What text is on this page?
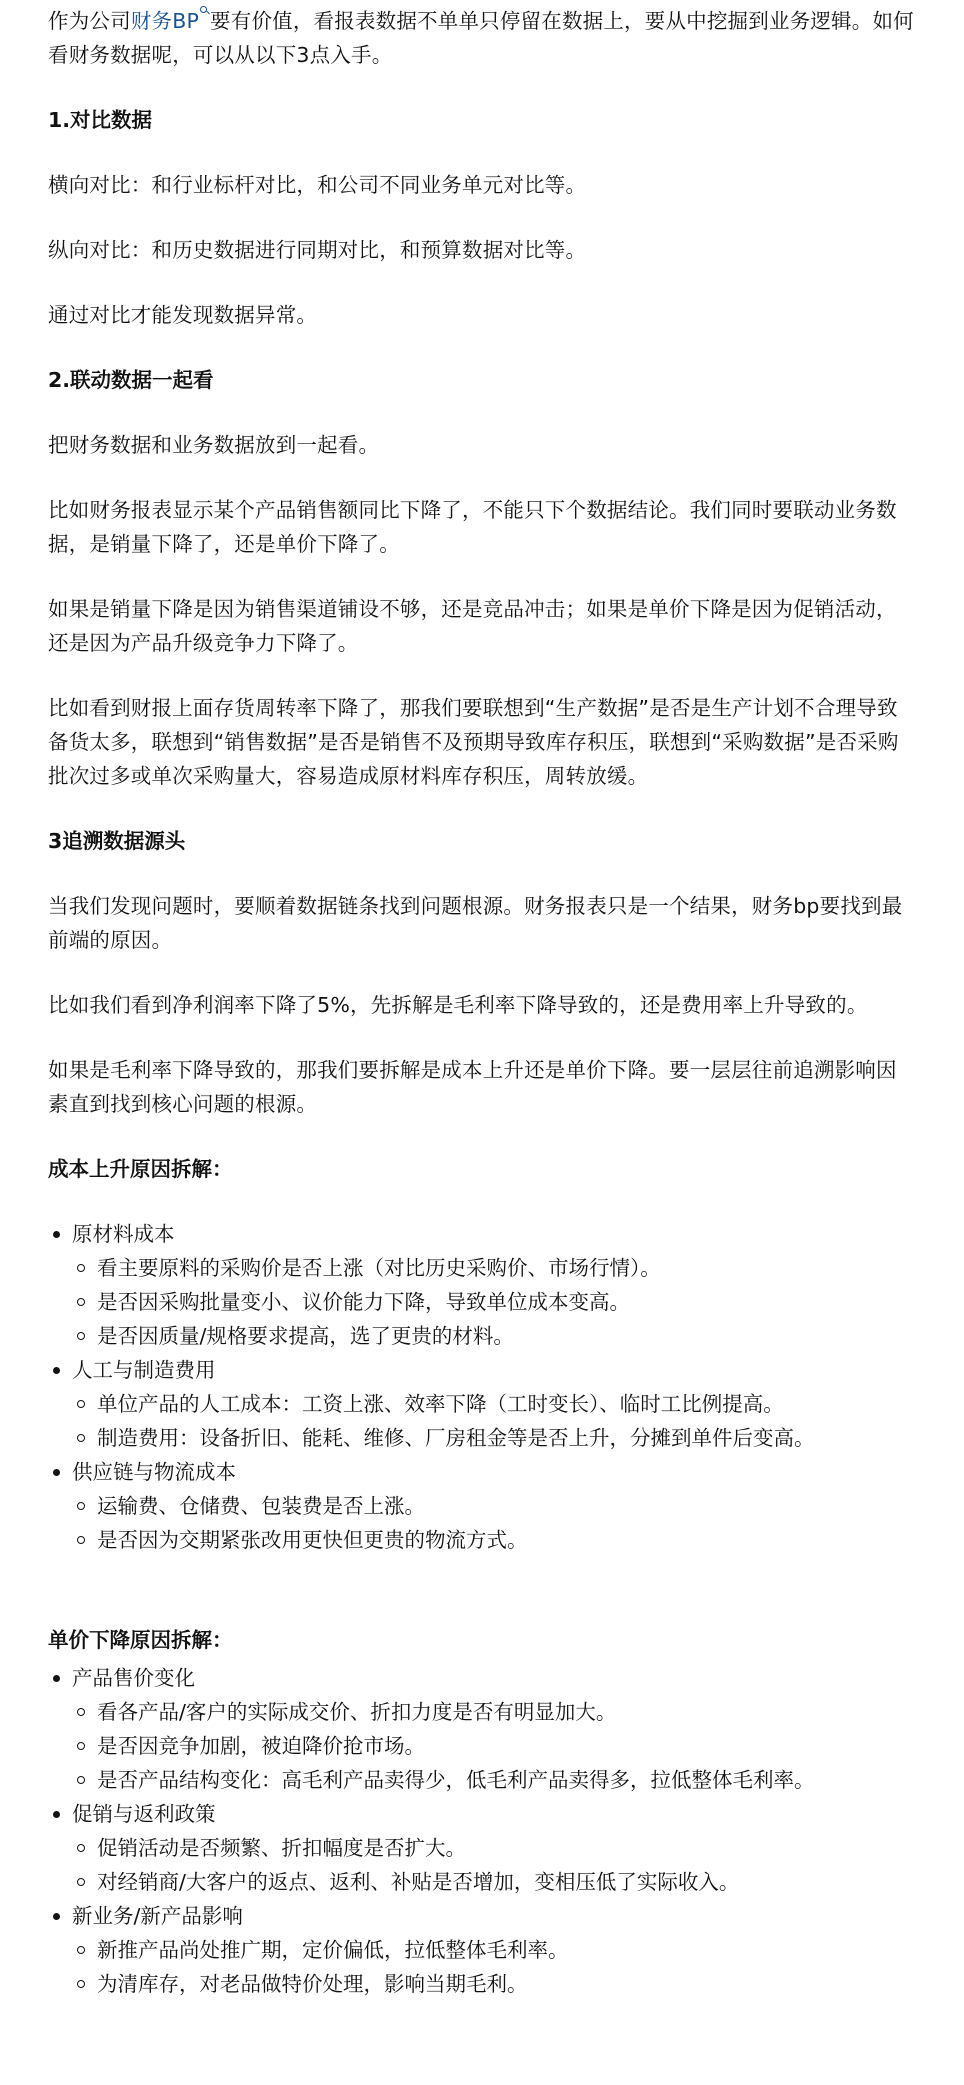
作为公司财务BP 要有价值，看报表数据不单单只停留在数据上，要从中挖掘到业务逻辑。如何看财务数据呢，可以从以下3点入手。

1.对比数据

横向对比：和行业标杆对比，和公司不同业务单元对比等。

纵向对比：和历史数据进行同期对比，和预算数据对比等。

通过对比才能发现数据异常。

2.联动数据一起看

把财务数据和业务数据放到一起看。

比如财务报表显示某个产品销售额同比下降了，不能只下个数据结论。我们同时要联动业务数据，是销量下降了，还是单价下降了。

如果是销量下降是因为销售渠道铺设不够，还是竞品冲击；如果是单价下降是因为促销活动，还是因为产品升级竞争力下降了。

比如看到财报上面存货周转率下降了，那我们要联想到“生产数据”是否是生产计划不合理导致备货太多，联想到“销售数据”是否是销售不及预期导致库存积压，联想到“采购数据”是否采购批次过多或单次采购量大，容易造成原材料库存积压，周转放缓。

3追溯数据源头

当我们发现问题时，要顺着数据链条找到问题根源。财务报表只是一个结果，财务bp要找到最前端的原因。

比如我们看到净利润率下降了5%，先拆解是毛利率下降导致的，还是费用率上升导致的。

如果是毛利率下降导致的，那我们要拆解是成本上升还是单价下降。要一层层往前追溯影响因素直到找到核心问题的根源。

成本上升原因拆解：
原材料成本
看主要原料的采购价是否上涨（对比历史采购价、市场行情）。
是否因采购批量变小、议价能力下降，导致单位成本变高。
是否因质量/规格要求提高，选了更贵的材料。
人工与制造费用
单位产品的人工成本：工资上涨、效率下降（工时变长）、临时工比例提高。
制造费用：设备折旧、能耗、维修、厂房租金等是否上升，分摊到单件后变高。
供应链与物流成本
运输费、仓储费、包装费是否上涨。
是否因为交期紧张改用更快但更贵的物流方式。
单价下降原因拆解：
产品售价变化
看各产品/客户的实际成交价、折扣力度是否有明显加大。
是否因竞争加剧，被迫降价抢市场。
是否产品结构变化：高毛利产品卖得少，低毛利产品卖得多，拉低整体毛利率。
促销与返利政策
促销活动是否频繁、折扣幅度是否扩大。
对经销商/大客户的返点、返利、补贴是否增加，变相压低了实际收入。
新业务/新产品影响
新推产品尚处推广期，定价偏低，拉低整体毛利率。
为清库存，对老品做特价处理，影响当期毛利。
